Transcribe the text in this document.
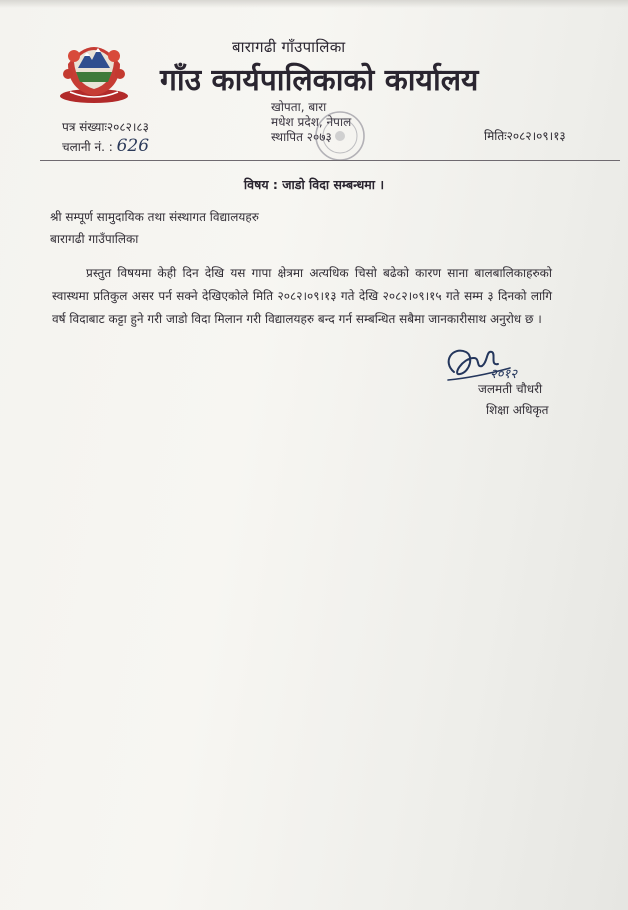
बारागढी गाँउपालिका
गाँउ कार्यपालिकाको कार्यालय
खोपता, बारा
मधेश प्रदेश, नेपाल
स्थापित २०७३
पत्र संख्याः२०८२।८३
चलानी नं. : 626	मितिः२०८२।०९।१३
विषय : जाडो विदा सम्बन्धमा ।
श्री सम्पूर्ण सामुदायिक तथा संस्थागत विद्यालयहरु
बारागढी गाउँपालिका
प्रस्तुत विषयमा केही दिन देखि यस गापा क्षेत्रमा अत्यधिक चिसो बढेको कारण साना बालबालिकाहरुको स्वास्थमा प्रतिकुल असर पर्न सक्ने देखिएकोले मिति २०८२।०९।१३ गते देखि २०८२।०९।१५ गते सम्म ३ दिनको लागि वर्ष विदाबाट कट्टा हुने गरी जाडो विदा मिलान गरी विद्यालयहरु बन्द गर्न सम्बन्धित सबैमा जानकारीसाथ अनुरोध छ ।
२०१२
जलमती चौधरी
शिक्षा अधिकृत
